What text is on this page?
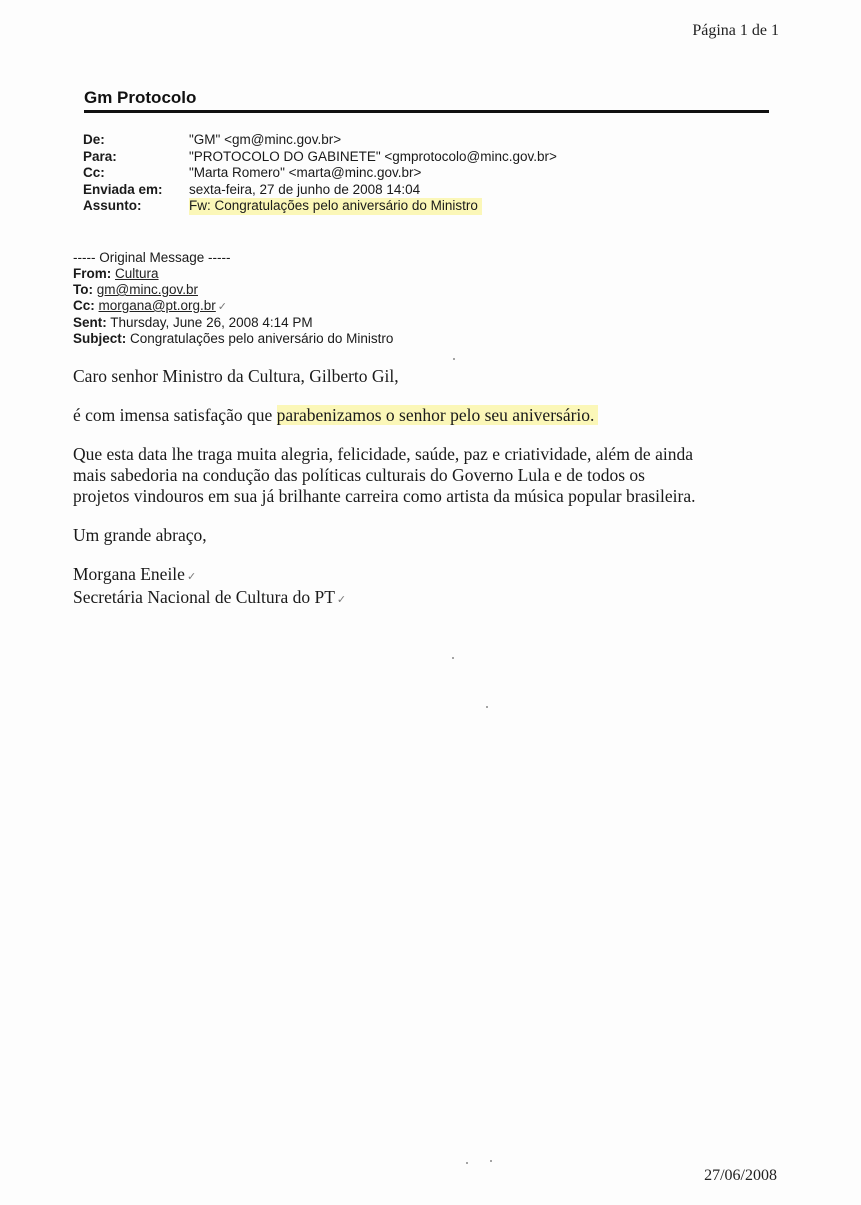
Página 1 de 1
Gm Protocolo
De:	"GM" <gm@minc.gov.br>
Para:	"PROTOCOLO DO GABINETE" <gmprotocolo@minc.gov.br>
Cc:	"Marta Romero" <marta@minc.gov.br>
Enviada em:	sexta-feira, 27 de junho de 2008 14:04
Assunto:	Fw: Congratulações pelo aniversário do Ministro
----- Original Message -----
From: Cultura
To: gm@minc.gov.br
Cc: morgana@pt.org.br ✓
Sent: Thursday, June 26, 2008 4:14 PM
Subject: Congratulações pelo aniversário do Ministro

Caro senhor Ministro da Cultura, Gilberto Gil,

é com imensa satisfação que parabenizamos o senhor pelo seu aniversário.

Que esta data lhe traga muita alegria, felicidade, saúde, paz e criatividade, além de ainda
mais sabedoria na condução das políticas culturais do Governo Lula e de todos os
projetos vindouros em sua já brilhante carreira como artista da música popular brasileira.

Um grande abraço,

Morgana Eneile ✓

Secretária Nacional de Cultura do PT ✓

27/06/2008
